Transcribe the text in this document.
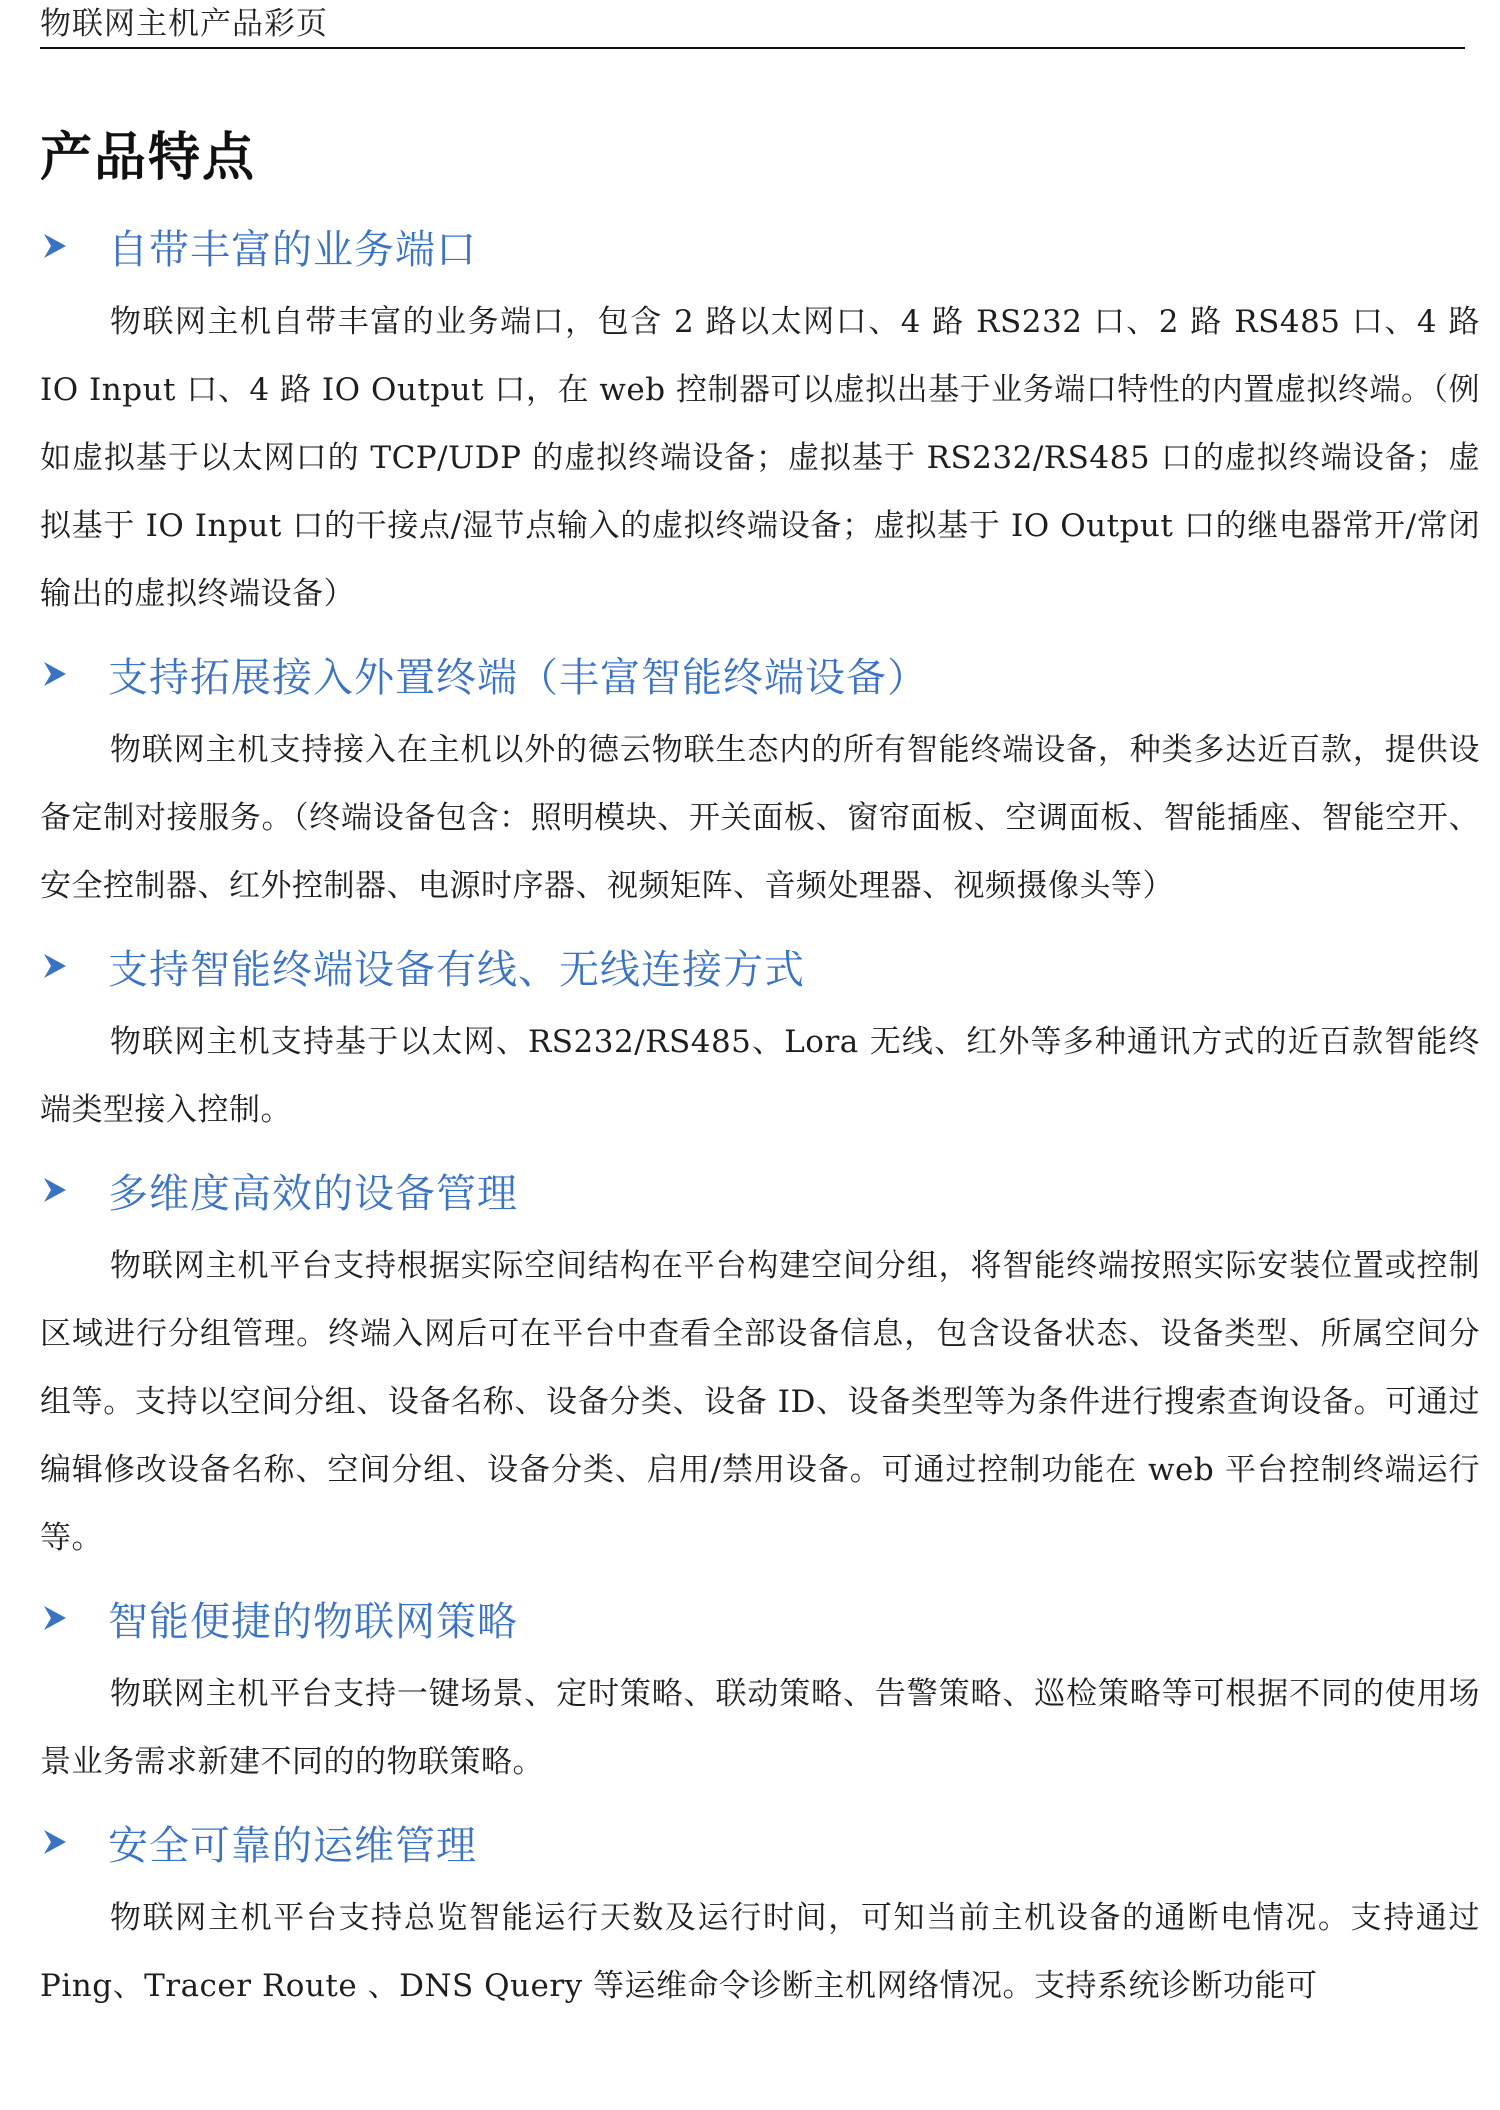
物联网主机产品彩页
产品特点
自带丰富的业务端口

物联网主机自带丰富的业务端口，包含 2 路以太网口、4 路 RS232 口、2 路 RS485 口、4 路 IO Input 口、4 路 IO Output 口，在 web 控制器可以虚拟出基于业务端口特性的内置虚拟终端。（例如虚拟基于以太网口的 TCP/UDP 的虚拟终端设备；虚拟基于 RS232/RS485 口的虚拟终端设备；虚拟基于 IO Input 口的干接点/湿节点输入的虚拟终端设备；虚拟基于 IO Output 口的继电器常开/常闭输出的虚拟终端设备）

支持拓展接入外置终端（丰富智能终端设备）

物联网主机支持接入在主机以外的德云物联生态内的所有智能终端设备，种类多达近百款，提供设备定制对接服务。（终端设备包含：照明模块、开关面板、窗帘面板、空调面板、智能插座、智能空开、安全控制器、红外控制器、电源时序器、视频矩阵、音频处理器、视频摄像头等）

支持智能终端设备有线、无线连接方式

物联网主机支持基于以太网、RS232/RS485、Lora 无线、红外等多种通讯方式的近百款智能终端类型接入控制。

多维度高效的设备管理

物联网主机平台支持根据实际空间结构在平台构建空间分组，将智能终端按照实际安装位置或控制区域进行分组管理。终端入网后可在平台中查看全部设备信息，包含设备状态、设备类型、所属空间分组等。支持以空间分组、设备名称、设备分类、设备 ID、设备类型等为条件进行搜索查询设备。可通过编辑修改设备名称、空间分组、设备分类、启用/禁用设备。可通过控制功能在 web 平台控制终端运行等。

智能便捷的物联网策略

物联网主机平台支持一键场景、定时策略、联动策略、告警策略、巡检策略等可根据不同的使用场景业务需求新建不同的的物联策略。

安全可靠的运维管理

物联网主机平台支持总览智能运行天数及运行时间，可知当前主机设备的通断电情况。支持通过 Ping、Tracer Route 、DNS Query 等运维命令诊断主机网络情况。支持系统诊断功能可
